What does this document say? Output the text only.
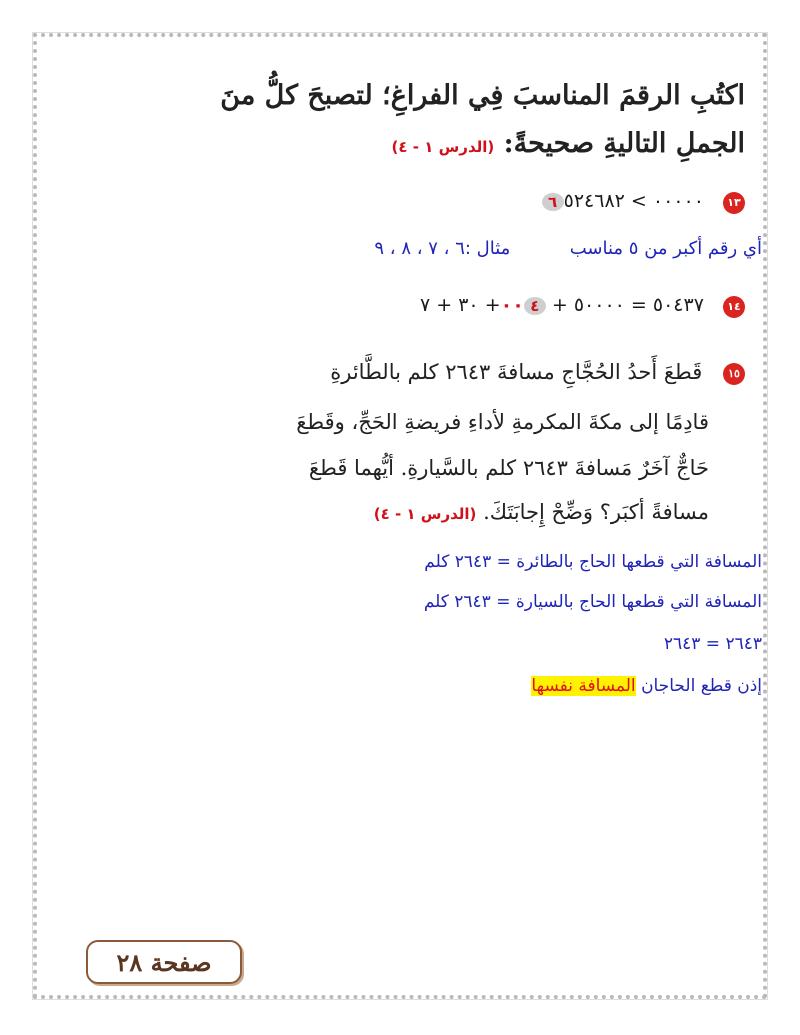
اكتُبِ الرقمَ المناسبَ فِي الفراغِ؛ لتصبحَ كلُّ منَ
الجملِ التاليةِ صحيحةً: (الدرس ١ - ٤)
١٣ ٦	٠٠٠٠٠ > ٥٢٤٦٨٢
أي رقم أكبر من ٥ مناسب  مثال :٦ ، ٧ ، ٨ ، ٩
١٤ ٥٠٤٣٧ = ٥٠٠٠٠ + ٤٠٠+ ٣٠ + ٧
١٥ قَطعَ أَحدُ الحُجَّاجِ مسافةَ ٢٦٤٣ كلم بالطَّائرةِ
قادِمًا إلى مكةَ المكرمةِ لأداءِ فريضةِ الحَجِّ، وقَطعَ
حَاجٌّ آخَرٌ مَسافةَ ٢٦٤٣ كلم بالسَّيارةِ. أيُّهما قَطعَ
مسافةً أكبَر؟ وَضِّحْ إِجابَتَكَ. (الدرس ١ - ٤)
المسافة التي قطعها الحاج بالطائرة = ٢٦٤٣ كلم
المسافة التي قطعها الحاج بالسيارة = ٢٦٤٣ كلم
٢٦٤٣ = ٢٦٤٣
إذن قطع الحاجان المسافة نفسها
صفحة ٢٨
